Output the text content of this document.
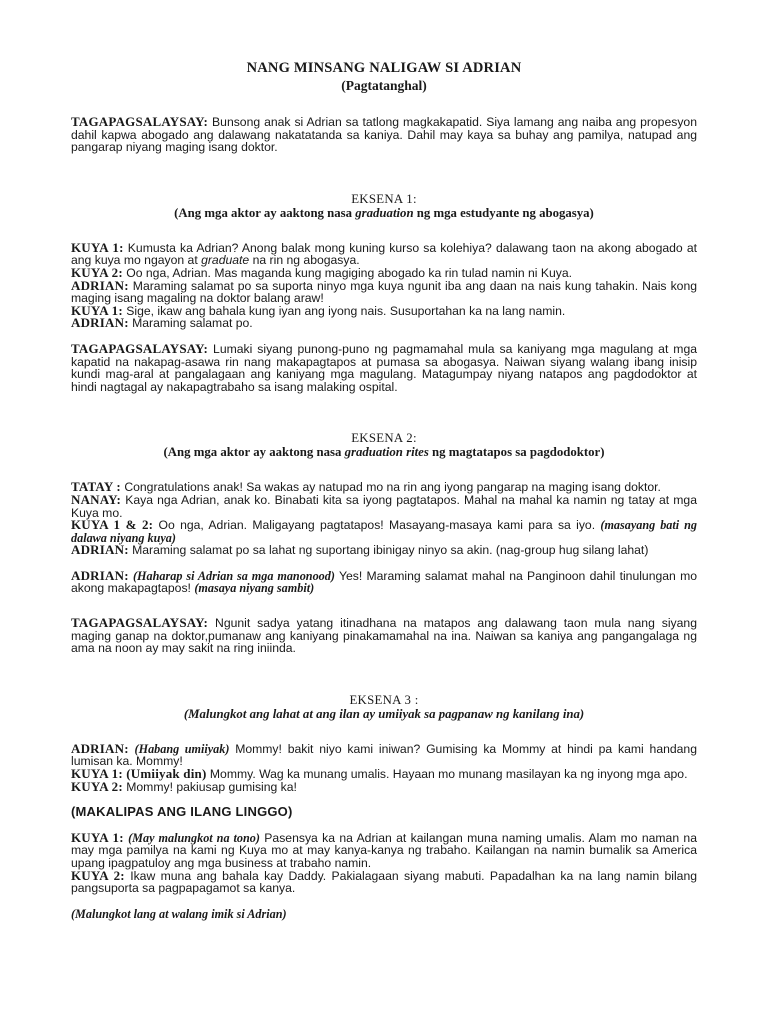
NANG MINSANG NALIGAW SI ADRIAN
(Pagtatanghal)

TAGAPAGSALAYSAY: Bunsong anak si Adrian sa tatlong magkakapatid. Siya lamang ang naiba ang propesyon dahil kapwa abogado ang dalawang nakatatanda sa kaniya. Dahil may kaya sa buhay ang pamilya, natupad ang pangarap niyang maging isang doktor.

EKSENA 1:
(Ang mga aktor ay aaktong nasa graduation ng mga estudyante ng abogasya)

KUYA 1: Kumusta ka Adrian? Anong balak mong kuning kurso sa kolehiya? dalawang taon na akong abogado at ang kuya mo ngayon at graduate na rin ng abogasya.

KUYA 2: Oo nga, Adrian. Mas maganda kung magiging abogado ka rin tulad namin ni Kuya.

ADRIAN: Maraming salamat po sa suporta ninyo mga kuya ngunit iba ang daan na nais kung tahakin. Nais kong maging isang magaling na doktor balang araw!

KUYA 1: Sige, ikaw ang bahala kung iyan ang iyong nais. Susuportahan ka na lang namin.

ADRIAN: Maraming salamat po.

TAGAPAGSALAYSAY: Lumaki siyang punong-puno ng pagmamahal mula sa kaniyang mga magulang at mga kapatid na nakapag-asawa rin nang makapagtapos at pumasa sa abogasya. Naiwan siyang walang ibang inisip kundi mag-aral at pangalagaan ang kaniyang mga magulang. Matagumpay niyang natapos ang pagdodoktor at hindi nagtagal ay nakapagtrabaho sa isang malaking ospital.

EKSENA 2:
(Ang mga aktor ay aaktong nasa graduation rites ng magtatapos sa pagdodoktor)

TATAY : Congratulations anak! Sa wakas ay natupad mo na rin ang iyong pangarap na maging isang doktor.

NANAY: Kaya nga Adrian, anak ko. Binabati kita sa iyong pagtatapos. Mahal na mahal ka namin ng tatay at mga Kuya mo.

KUYA 1 & 2: Oo nga, Adrian. Maligayang pagtatapos! Masayang-masaya kami para sa iyo. (masayang bati ng dalawa niyang kuya)

ADRIAN: Maraming salamat po sa lahat ng suportang ibinigay ninyo sa akin. (nag-group hug silang lahat)

ADRIAN: (Haharap si Adrian sa mga manonood) Yes! Maraming salamat mahal na Panginoon dahil tinulungan mo akong makapagtapos! (masaya niyang sambit)

TAGAPAGSALAYSAY: Ngunit sadya yatang itinadhana na matapos ang dalawang taon mula nang siyang maging ganap na doktor,pumanaw ang kaniyang pinakamamahal na ina. Naiwan sa kaniya ang pangangalaga ng ama na noon ay may sakit na ring iniinda.

EKSENA 3 :
(Malungkot ang lahat at ang ilan ay umiiyak sa pagpanaw ng kanilang ina)

ADRIAN: (Habang umiiyak) Mommy! bakit niyo kami iniwan? Gumising ka Mommy at hindi pa kami handang lumisan ka. Mommy!

KUYA 1: (Umiiyak din) Mommy. Wag ka munang umalis. Hayaan mo munang masilayan ka ng inyong mga apo.

KUYA 2: Mommy! pakiusap gumising ka!

(MAKALIPAS ANG ILANG LINGGO)

KUYA 1: (May malungkot na tono) Pasensya ka na Adrian at kailangan muna naming umalis. Alam mo naman na may mga pamilya na kami ng Kuya mo at may kanya-kanya ng trabaho. Kailangan na namin bumalik sa America upang ipagpatuloy ang mga business at trabaho namin.

KUYA 2: Ikaw muna ang bahala kay Daddy. Pakialagaan siyang mabuti. Papadalhan ka na lang namin bilang pangsuporta sa pagpapagamot sa kanya.

(Malungkot lang at walang imik si Adrian)
